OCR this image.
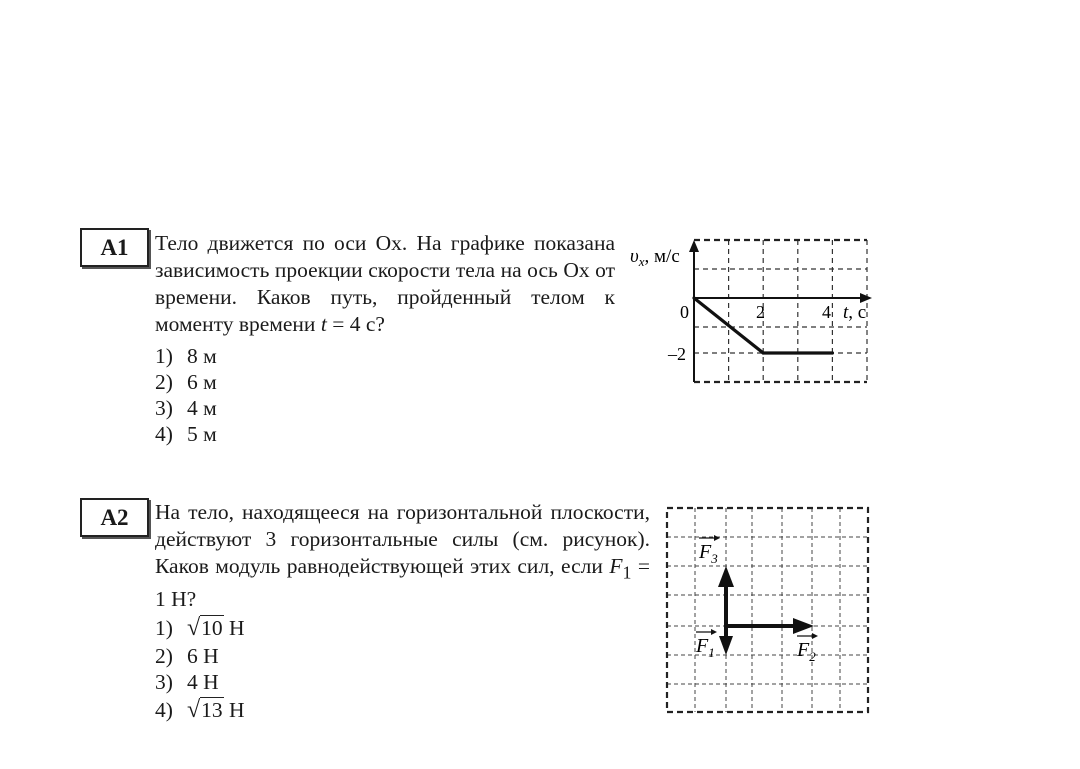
A1	Тело движется по оси Ox. На графике показана зависимость проекции скорости тела на ось Ox от времени. Каков путь, пройденный телом к моменту времени t = 4 с?
1) 8 м
2) 6 м
3) 4 м
4) 5 м
$\upsilon_x$, м/с
t, с
0	2	4
–2
A2	На тело, находящееся на горизонтальной плоскости, действуют 3 горизонтальные силы (см. рисунок). Каков модуль равнодействующей этих сил, если $F_1 = 1$ Н?
1) √10 Н
2) 6 Н
3) 4 Н
4) √13 Н
$F_3$
$F_1$	$F_2$
